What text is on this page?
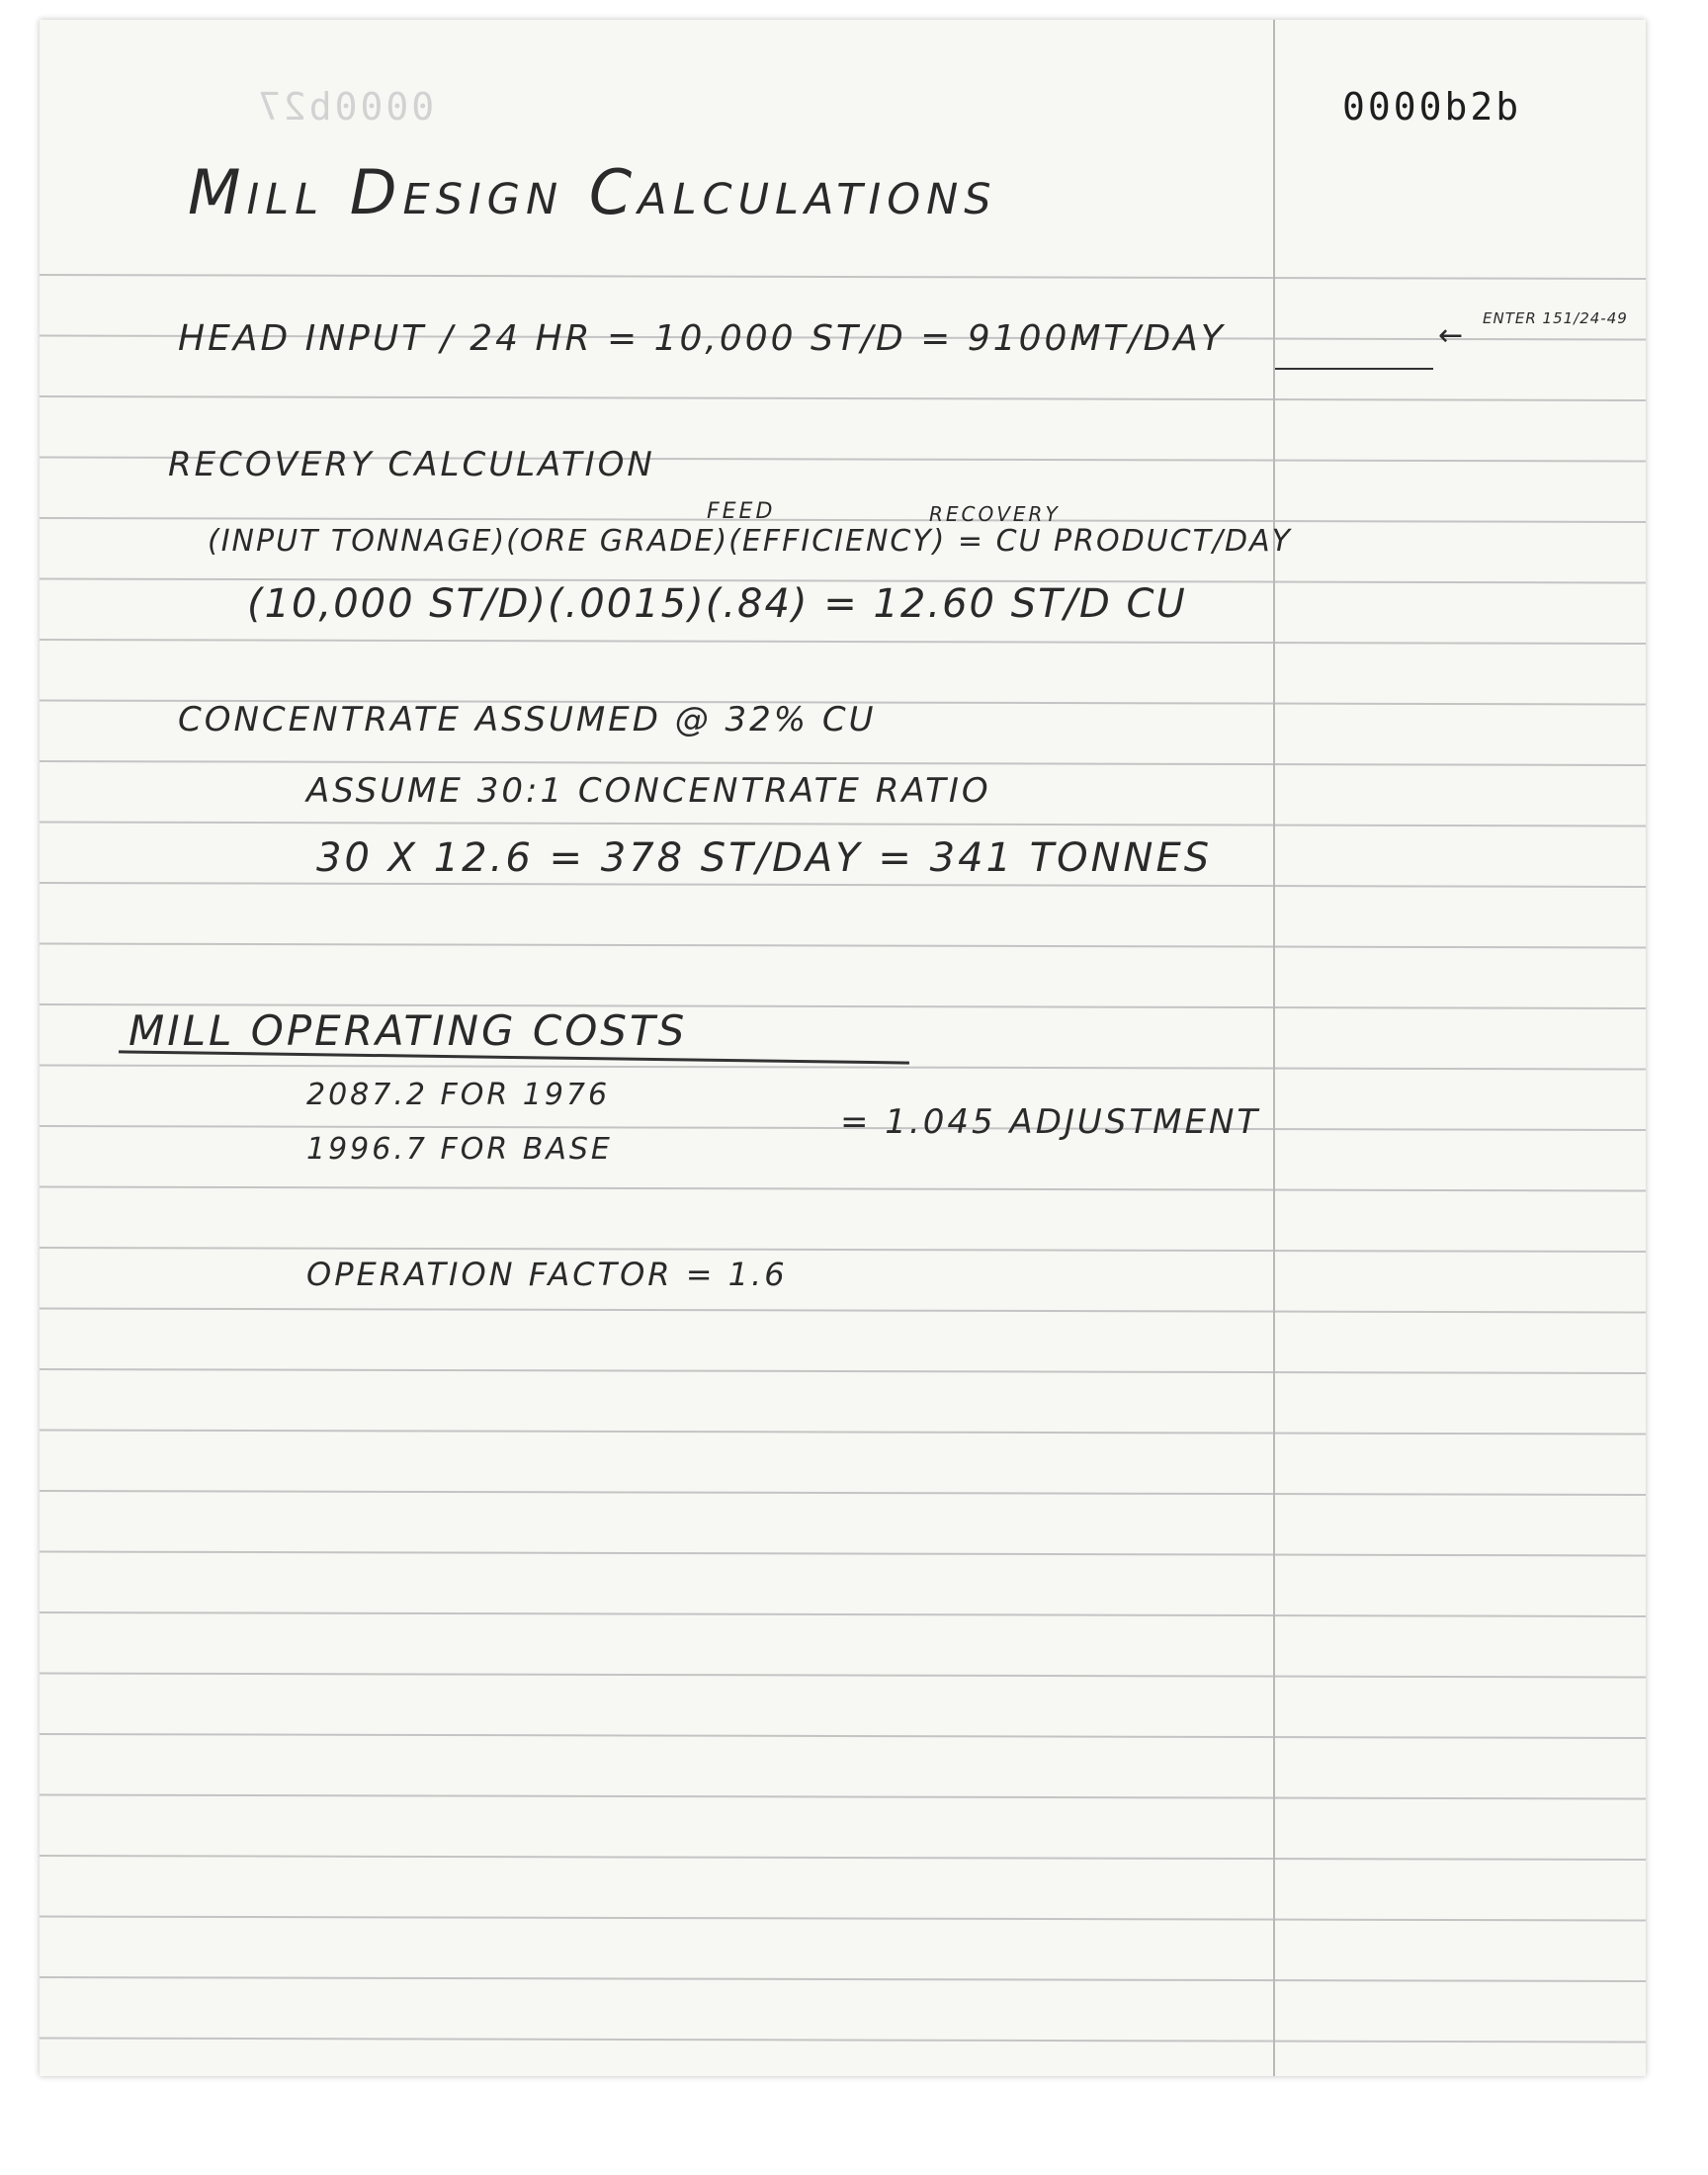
0000b27	0000b2b
Mill Design Calculations
HEAD INPUT / 24 HR = 10,000 ST/D = 9100MT/DAY	← ENTER 151/24-49
RECOVERY CALCULATION
FEED	RECOVERY
(INPUT TONNAGE)(ORE GRADE)(EFFICIENCY) = CU PRODUCT/DAY
(10,000 ST/D)(.0015)(.84) = 12.60 ST/D CU
CONCENTRATE ASSUMED @ 32% CU
ASSUME 30:1 CONCENTRATE RATIO
30 X 12.6 = 378 ST/DAY = 341 TONNES
MILL OPERATING COSTS
2087.2 FOR 1976
1996.7 FOR BASE
= 1.045 ADJUSTMENT
OPERATION FACTOR = 1.6
